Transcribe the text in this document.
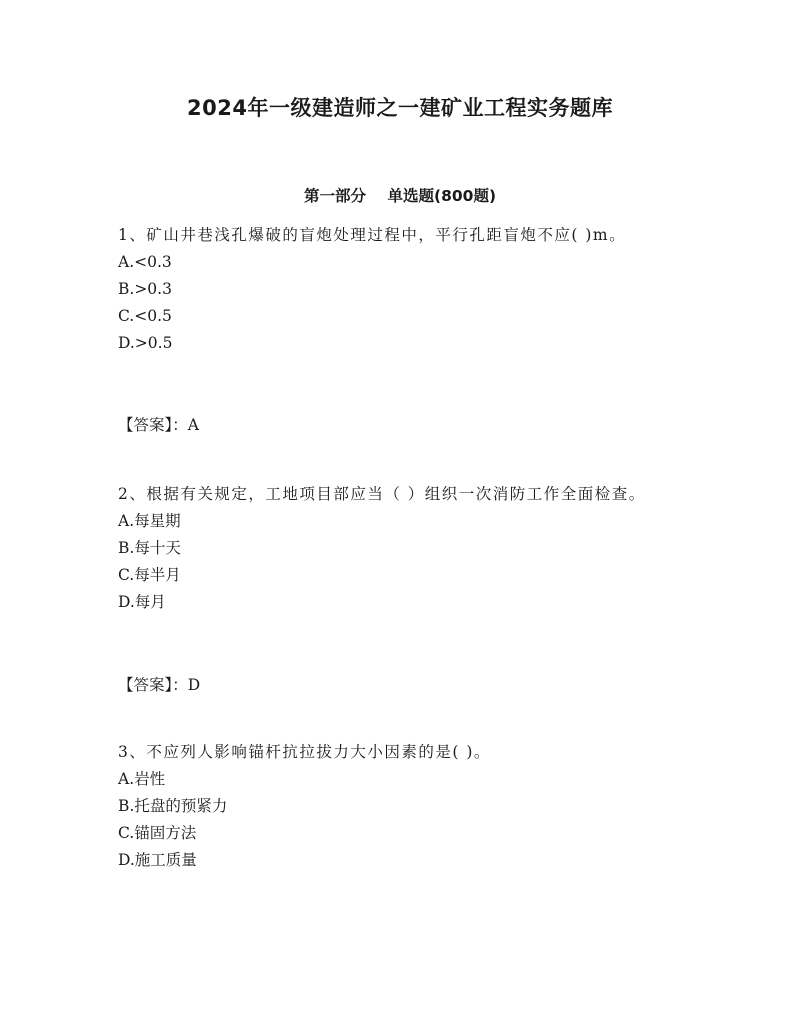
2024年一级建造师之一建矿业工程实务题库
第一部分    单选题(800题)
1、矿山井巷浅孔爆破的盲炮处理过程中，平行孔距盲炮不应( )m。
A.<0.3
B.>0.3
C.<0.5
D.>0.5
【答案】：A
2、根据有关规定，工地项目部应当（ ）组织一次消防工作全面检查。
A.每星期
B.每十天
C.每半月
D.每月
【答案】：D
3、不应列人影响锚杆抗拉拔力大小因素的是( )。
A.岩性
B.托盘的预紧力
C.锚固方法
D.施工质量
